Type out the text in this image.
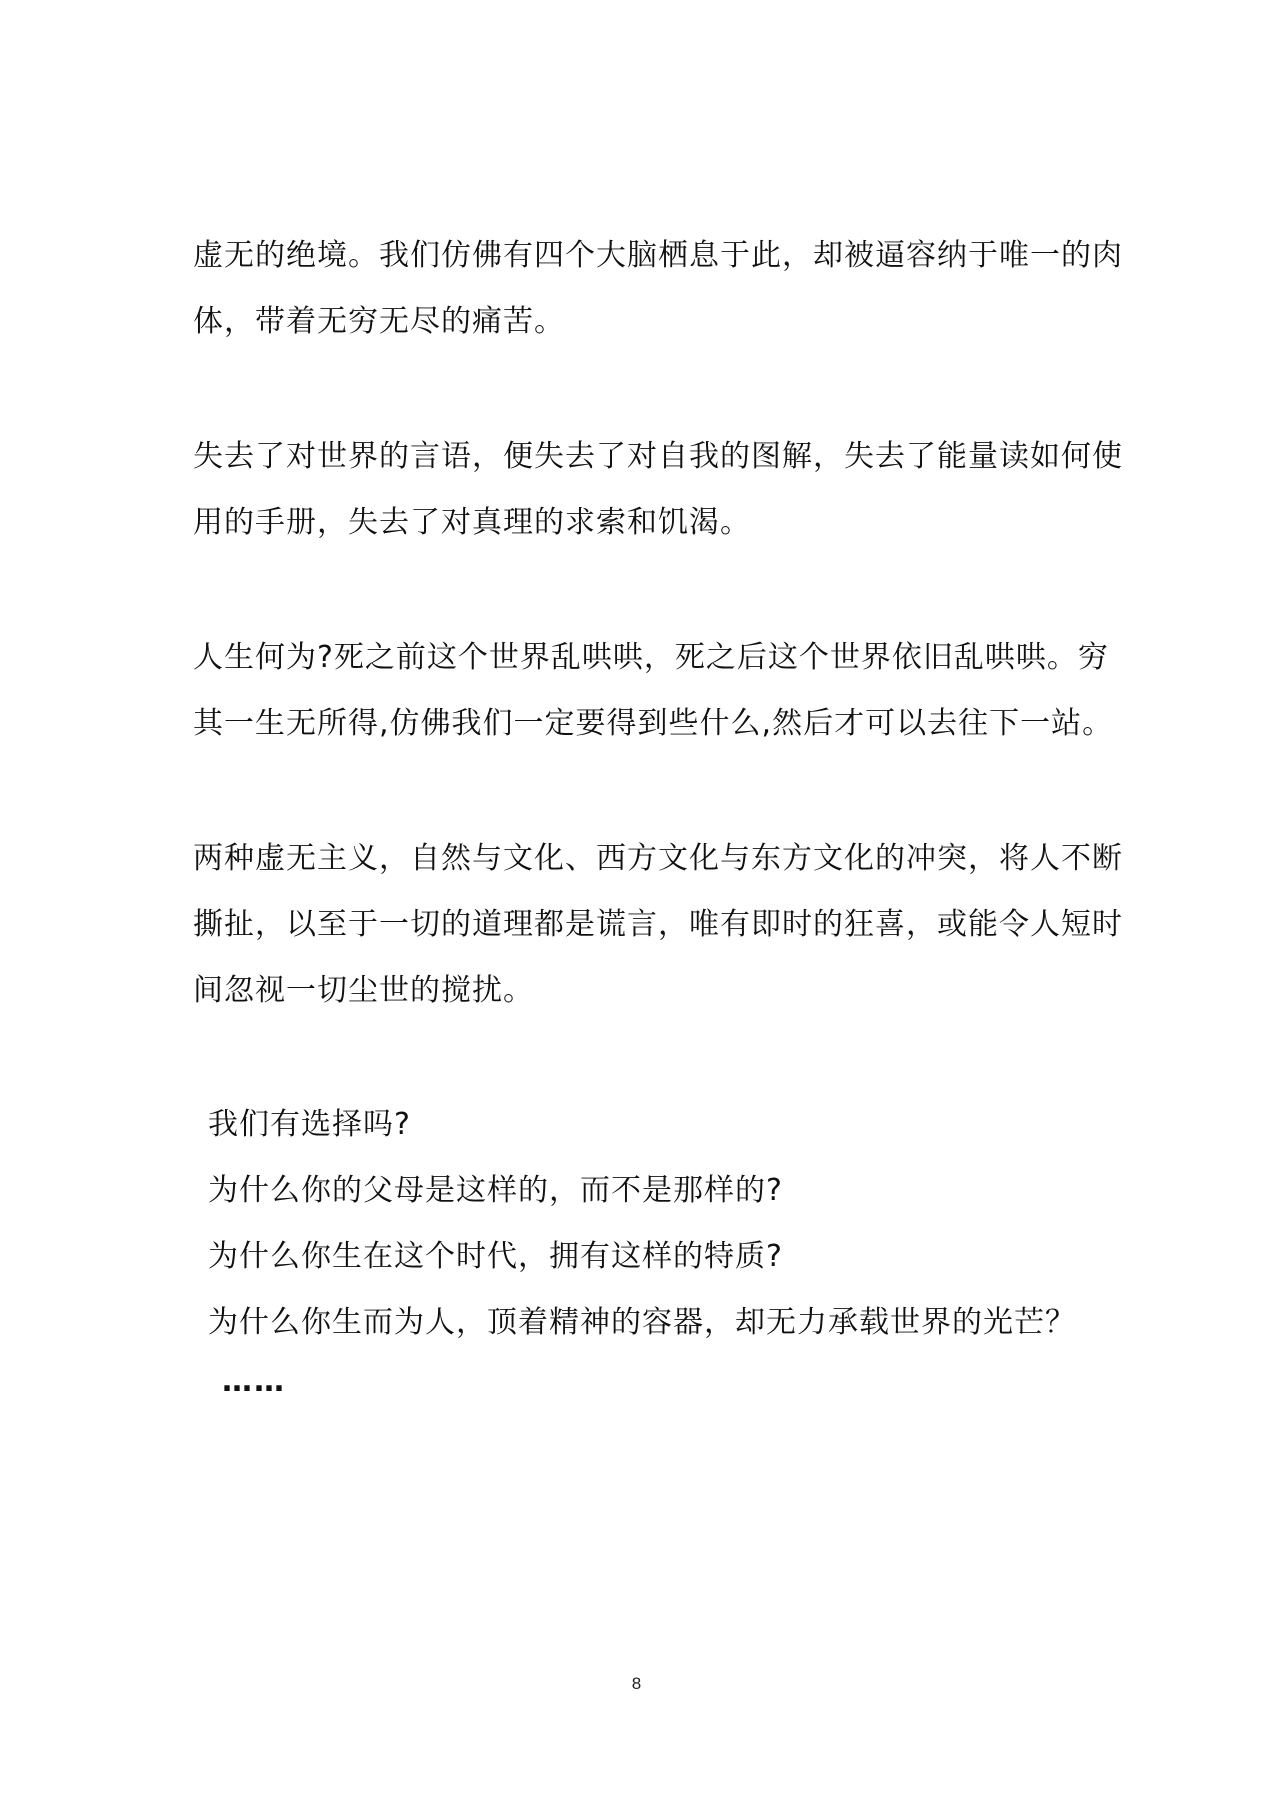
虚无的绝境。我们仿佛有四个大脑栖息于此，却被逼容纳于唯一的肉
体，带着无穷无尽的痛苦。
失去了对世界的言语，便失去了对自我的图解，失去了能量读如何使
用的手册，失去了对真理的求索和饥渴。
人生何为?死之前这个世界乱哄哄，死之后这个世界依旧乱哄哄。穷
其一生无所得,仿佛我们一定要得到些什么,然后才可以去往下一站。
两种虚无主义，自然与文化、西方文化与东方文化的冲突，将人不断
撕扯，以至于一切的道理都是谎言，唯有即时的狂喜，或能令人短时
间忽视一切尘世的搅扰。
我们有选择吗?
为什么你的父母是这样的，而不是那样的?
为什么你生在这个时代，拥有这样的特质?
为什么你生而为人，顶着精神的容器，却无力承载世界的光芒？
……
8
